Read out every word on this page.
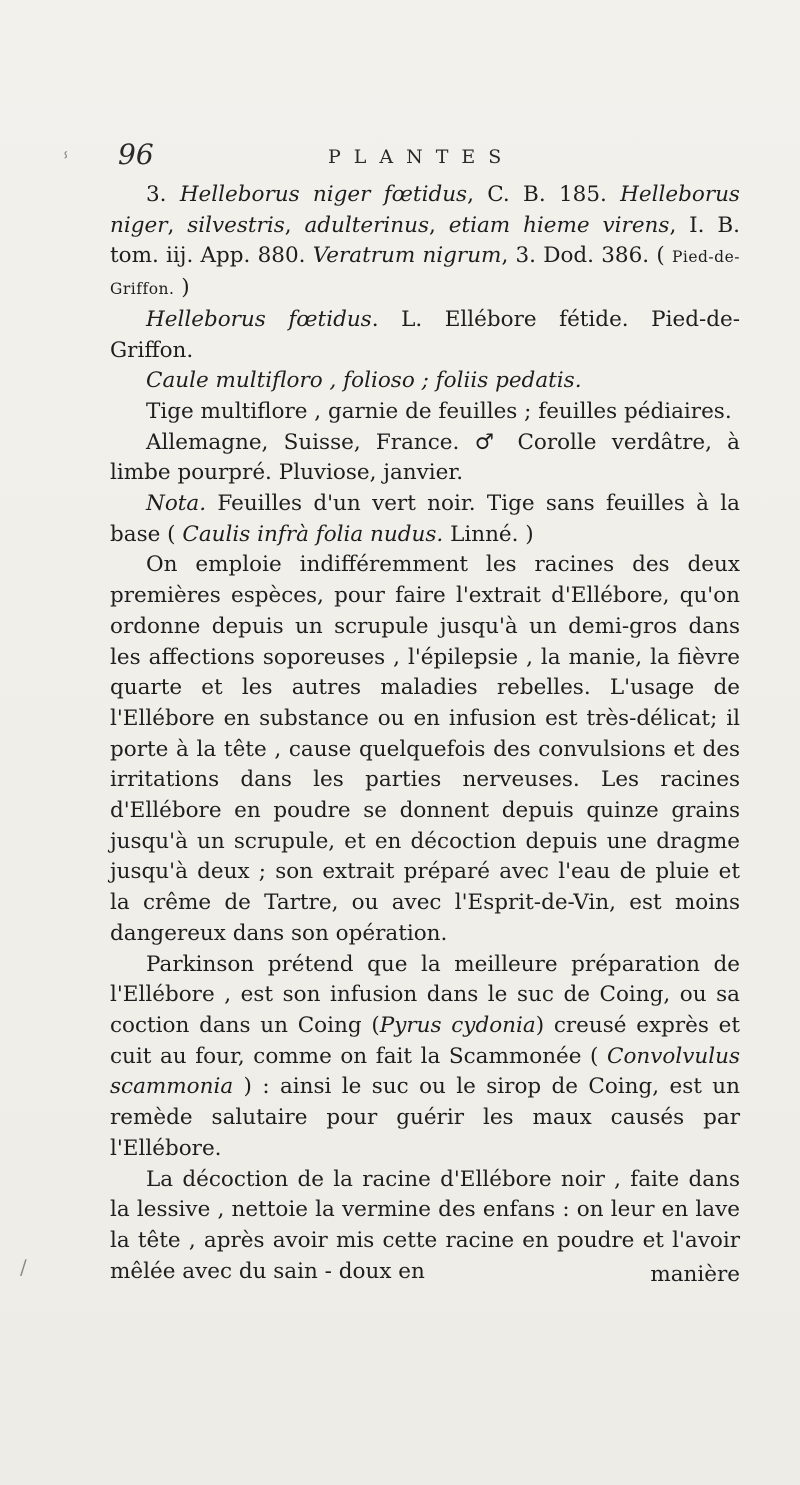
ⸯ
∕
96	PLANTES

3. Helleborus niger fœtidus, C. B. 185. Helleborus niger, silvestris, adulterinus, etiam hieme virens, I. B. tom. iij. App. 880. Veratrum nigrum, 3. Dod. 386. ( Pied-de-Griffon. )

Helleborus fœtidus. L. Ellébore fétide. Pied-de-Griffon.

Caule multifloro , folioso ; foliis pedatis.

Tige multiflore , garnie de feuilles ; feuilles pédiaires.

Allemagne, Suisse, France. ♂ Corolle verdâtre, à limbe pourpré. Pluviose, janvier.

Nota. Feuilles d'un vert noir. Tige sans feuilles à la base ( Caulis infrà folia nudus. Linné. )

On emploie indifféremment les racines des deux premières espèces, pour faire l'extrait d'Ellébore, qu'on ordonne depuis un scrupule jusqu'à un demi-gros dans les affections soporeuses , l'épilepsie , la manie, la fièvre quarte et les autres maladies rebelles. L'usage de l'Ellébore en substance ou en infusion est très-délicat; il porte à la tête , cause quelquefois des convulsions et des irritations dans les parties nerveuses. Les racines d'Ellébore en poudre se donnent depuis quinze grains jusqu'à un scrupule, et en décoction depuis une dragme jusqu'à deux ; son extrait préparé avec l'eau de pluie et la crême de Tartre, ou avec l'Esprit-de-Vin, est moins dangereux dans son opération.

Parkinson prétend que la meilleure préparation de l'Ellébore , est son infusion dans le suc de Coing, ou sa coction dans un Coing (Pyrus cydonia) creusé exprès et cuit au four, comme on fait la Scammonée ( Convolvulus scammonia ) : ainsi le suc ou le sirop de Coing, est un remède salutaire pour guérir les maux causés par l'Ellébore.

La décoction de la racine d'Ellébore noir , faite dans la lessive , nettoie la vermine des enfans : on leur en lave la tête , après avoir mis cette racine en poudre et l'avoir mêlée avec du sain - doux en	manière
